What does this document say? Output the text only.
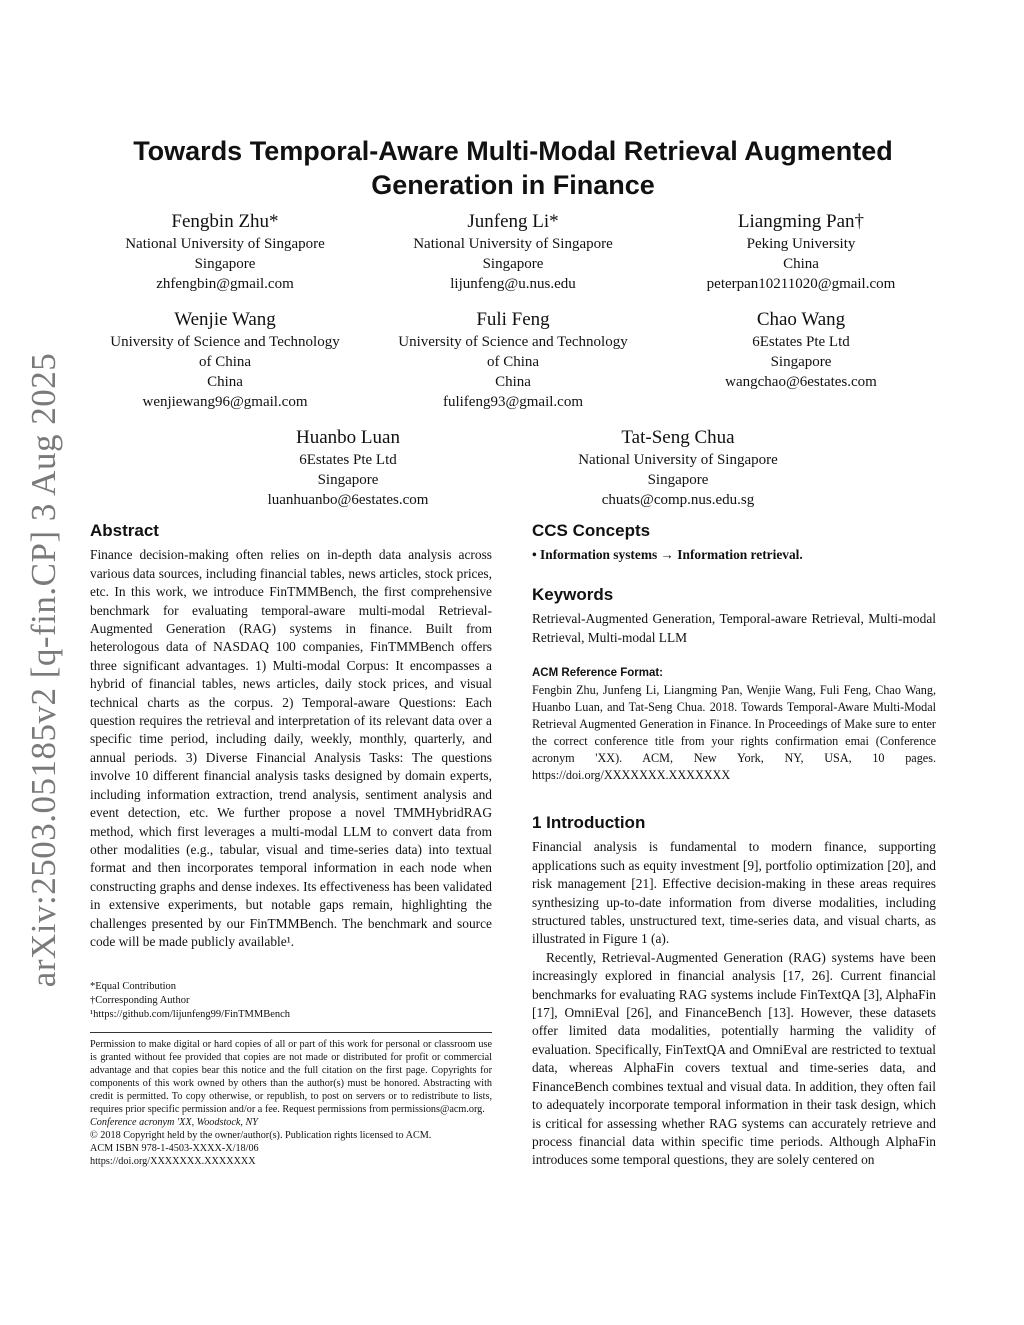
arXiv:2503.05185v2 [q-fin.CP] 3 Aug 2025
Towards Temporal-Aware Multi-Modal Retrieval Augmented
Generation in Finance
Fengbin Zhu*
National University of Singapore
Singapore
zhfengbin@gmail.com
Junfeng Li*
National University of Singapore
Singapore
lijunfeng@u.nus.edu
Liangming Pan†
Peking University
China
peterpan10211020@gmail.com
Wenjie Wang
University of Science and Technology
of China
China
wenjiewang96@gmail.com
Fuli Feng
University of Science and Technology
of China
China
fulifeng93@gmail.com
Chao Wang
6Estates Pte Ltd
Singapore
wangchao@6estates.com
Huanbo Luan
6Estates Pte Ltd
Singapore
luanhuanbo@6estates.com
Tat-Seng Chua
National University of Singapore
Singapore
chuats@comp.nus.edu.sg
Abstract

Finance decision-making often relies on in-depth data analysis across various data sources, including financial tables, news articles, stock prices, etc. In this work, we introduce FinTMMBench, the first comprehensive benchmark for evaluating temporal-aware multi-modal Retrieval-Augmented Generation (RAG) systems in finance. Built from heterologous data of NASDAQ 100 companies, FinTMMBench offers three significant advantages. 1) Multi-modal Corpus: It encompasses a hybrid of financial tables, news articles, daily stock prices, and visual technical charts as the corpus. 2) Temporal-aware Questions: Each question requires the retrieval and interpretation of its relevant data over a specific time period, including daily, weekly, monthly, quarterly, and annual periods. 3) Diverse Financial Analysis Tasks: The questions involve 10 different financial analysis tasks designed by domain experts, including information extraction, trend analysis, sentiment analysis and event detection, etc. We further propose a novel TMMHybridRAG method, which first leverages a multi-modal LLM to convert data from other modalities (e.g., tabular, visual and time-series data) into textual format and then incorporates temporal information in each node when constructing graphs and dense indexes. Its effectiveness has been validated in extensive experiments, but notable gaps remain, highlighting the challenges presented by our FinTMMBench. The benchmark and source code will be made publicly available¹.

*Equal Contribution
†Corresponding Author
¹https://github.com/lijunfeng99/FinTMMBench

Permission to make digital or hard copies of all or part of this work for personal or classroom use is granted without fee provided that copies are not made or distributed for profit or commercial advantage and that copies bear this notice and the full citation on the first page. Copyrights for components of this work owned by others than the author(s) must be honored. Abstracting with credit is permitted. To copy otherwise, or republish, to post on servers or to redistribute to lists, requires prior specific permission and/or a fee. Request permissions from permissions@acm.org.

Conference acronym 'XX, Woodstock, NY

© 2018 Copyright held by the owner/author(s). Publication rights licensed to ACM.

ACM ISBN 978-1-4503-XXXX-X/18/06

https://doi.org/XXXXXXX.XXXXXXX

CCS Concepts

• Information systems → Information retrieval.

Keywords

Retrieval-Augmented Generation, Temporal-aware Retrieval, Multi-modal Retrieval, Multi-modal LLM

ACM Reference Format:

Fengbin Zhu, Junfeng Li, Liangming Pan, Wenjie Wang, Fuli Feng, Chao Wang, Huanbo Luan, and Tat-Seng Chua. 2018. Towards Temporal-Aware Multi-Modal Retrieval Augmented Generation in Finance. In Proceedings of Make sure to enter the correct conference title from your rights confirmation emai (Conference acronym 'XX). ACM, New York, NY, USA, 10 pages. https://doi.org/XXXXXXX.XXXXXXX

1 Introduction

Financial analysis is fundamental to modern finance, supporting applications such as equity investment [9], portfolio optimization [20], and risk management [21]. Effective decision-making in these areas requires synthesizing up-to-date information from diverse modalities, including structured tables, unstructured text, time-series data, and visual charts, as illustrated in Figure 1 (a).

Recently, Retrieval-Augmented Generation (RAG) systems have been increasingly explored in financial analysis [17, 26]. Current financial benchmarks for evaluating RAG systems include FinTextQA [3], AlphaFin [17], OmniEval [26], and FinanceBench [13]. However, these datasets offer limited data modalities, potentially harming the validity of evaluation. Specifically, FinTextQA and OmniEval are restricted to textual data, whereas AlphaFin covers textual and time-series data, and FinanceBench combines textual and visual data. In addition, they often fail to adequately incorporate temporal information in their task design, which is critical for assessing whether RAG systems can accurately retrieve and process financial data within specific time periods. Although AlphaFin introduces some temporal questions, they are solely centered on
